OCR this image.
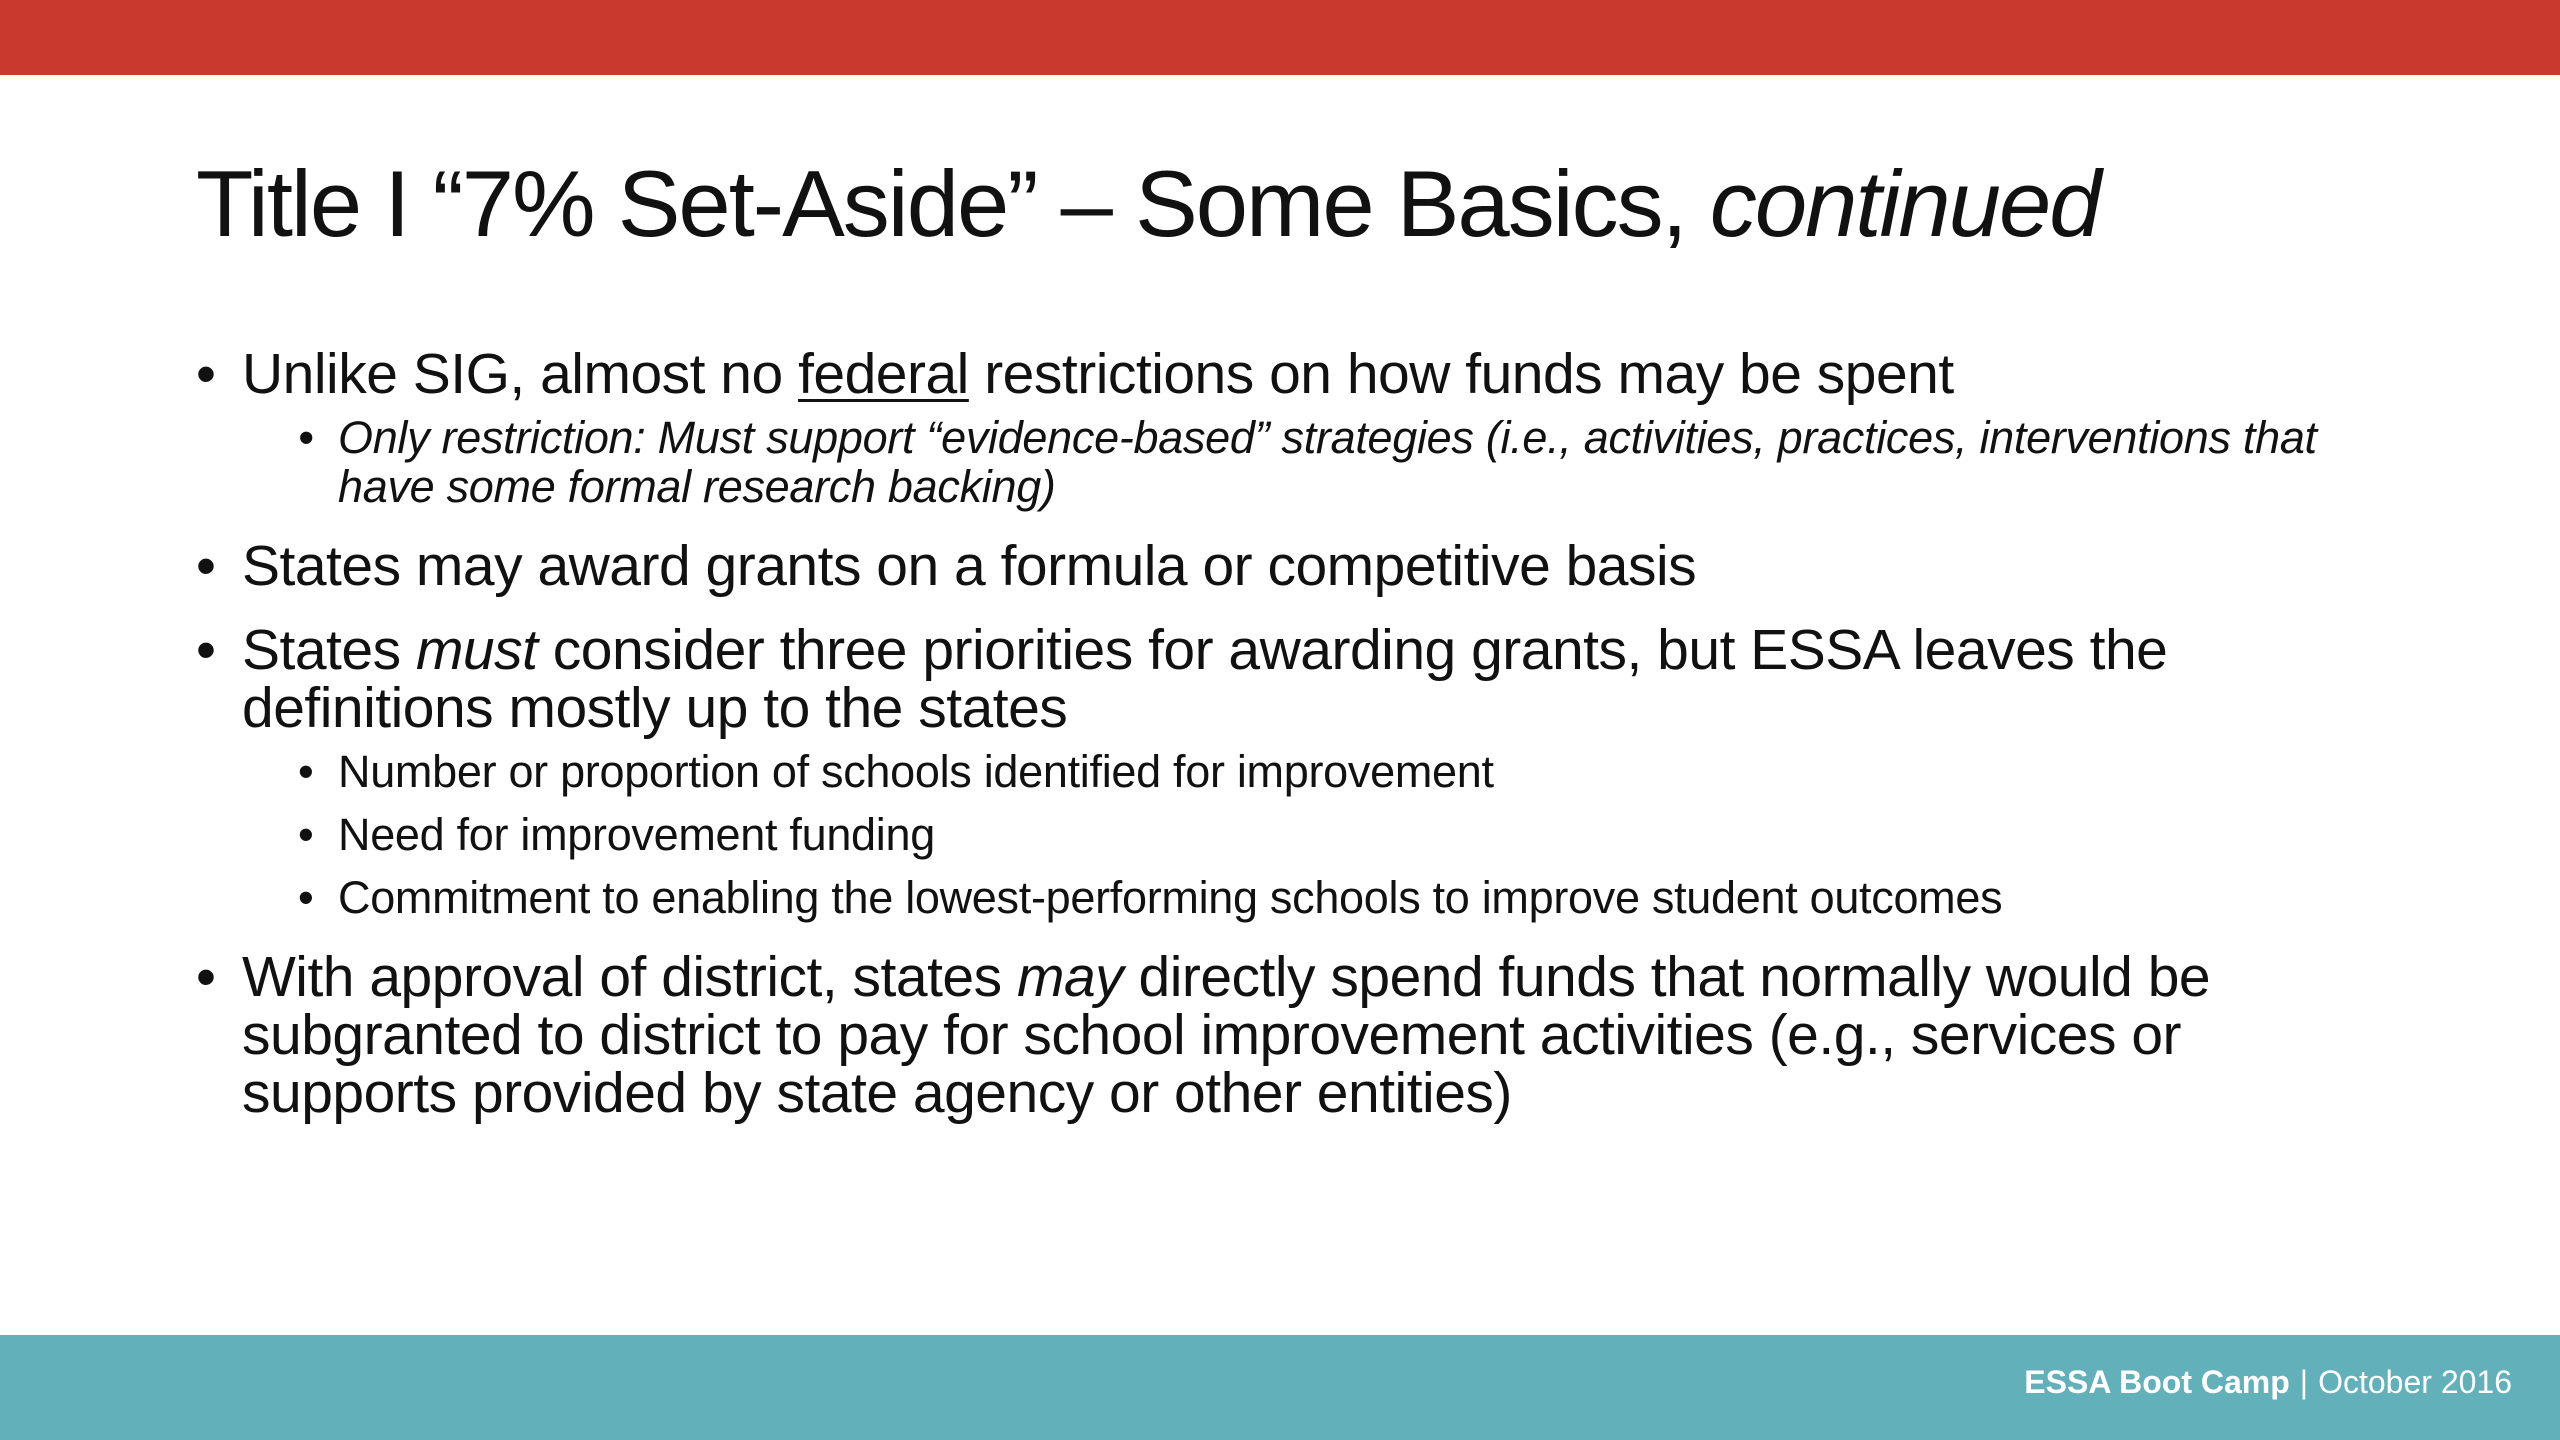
Title I “7% Set-Aside” – Some Basics, continued
• Unlike SIG, almost no federal restrictions on how funds may be spent
• Only restriction: Must support “evidence-based” strategies (i.e., activities, practices, interventions that have some formal research backing)
• States may award grants on a formula or competitive basis
• States must consider three priorities for awarding grants, but ESSA leaves the definitions mostly up to the states
• Number or proportion of schools identified for improvement
• Need for improvement funding
• Commitment to enabling the lowest-performing schools to improve student outcomes
• With approval of district, states may directly spend funds that normally would be subgranted to district to pay for school improvement activities (e.g., services or supports provided by state agency or other entities)
ESSA Boot Camp | October 2016
